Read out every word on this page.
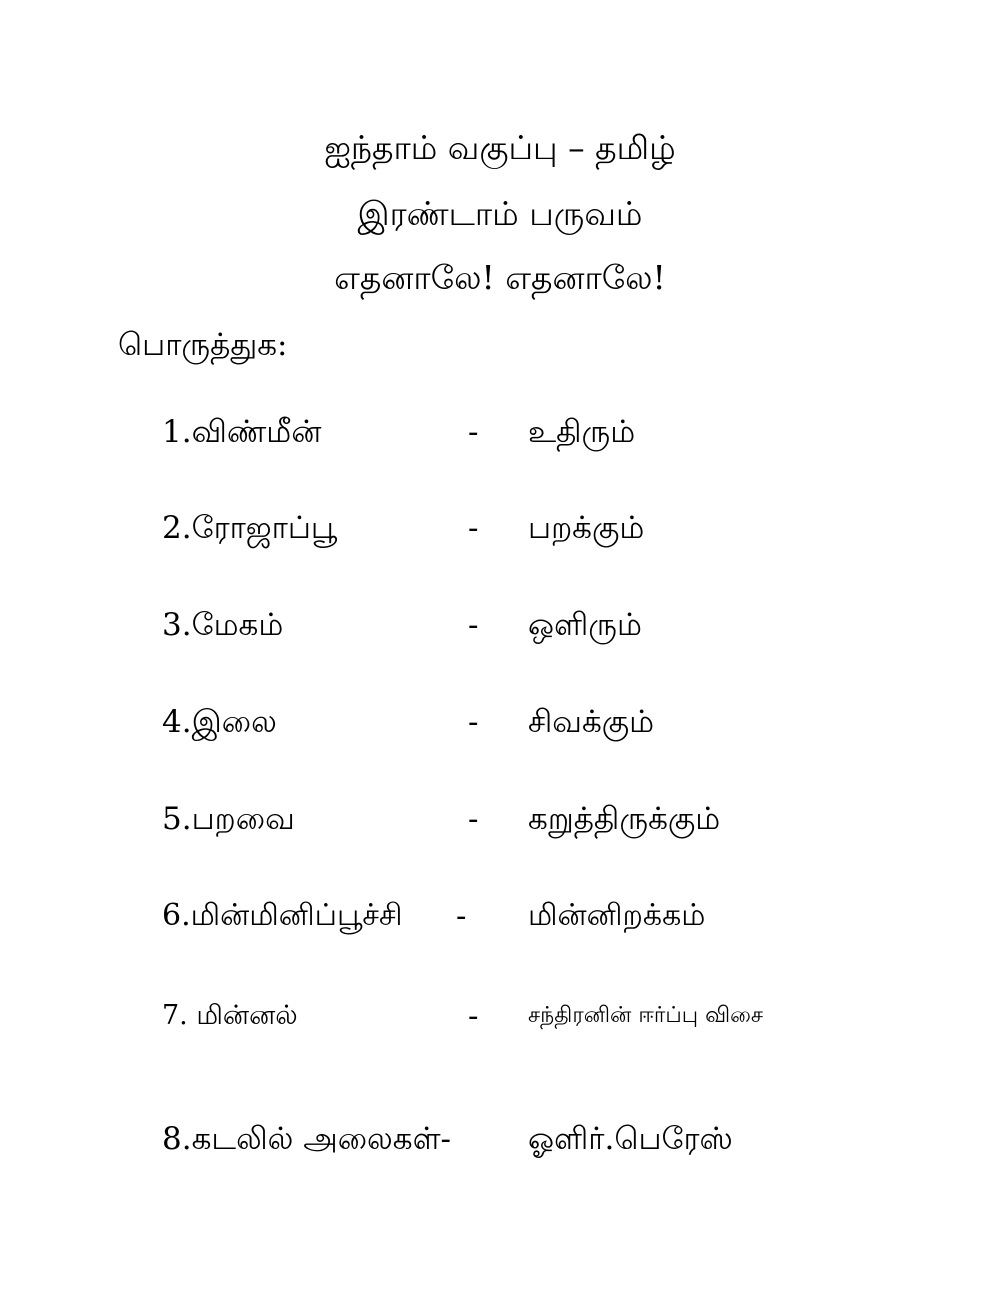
ஐந்தாம் வகுப்பு – தமிழ்
இரண்டாம் பருவம்
எதனாலே! எதனாலே!
பொருத்துக:
1.விண்மீன்	- உதிரும்
2.ரோஜாப்பூ	- பறக்கும்
3.மேகம்	- ஒளிரும்
4.இலை	- சிவக்கும்
5.பறவை	- கறுத்திருக்கும்
6.மின்மினிப்பூச்சி - மின்னிறக்கம்
7. மின்னல்	- சந்திரனின் ஈர்ப்பு விசை
8.கடலில் அலைகள்- ஓளிர்.பெரேஸ்
